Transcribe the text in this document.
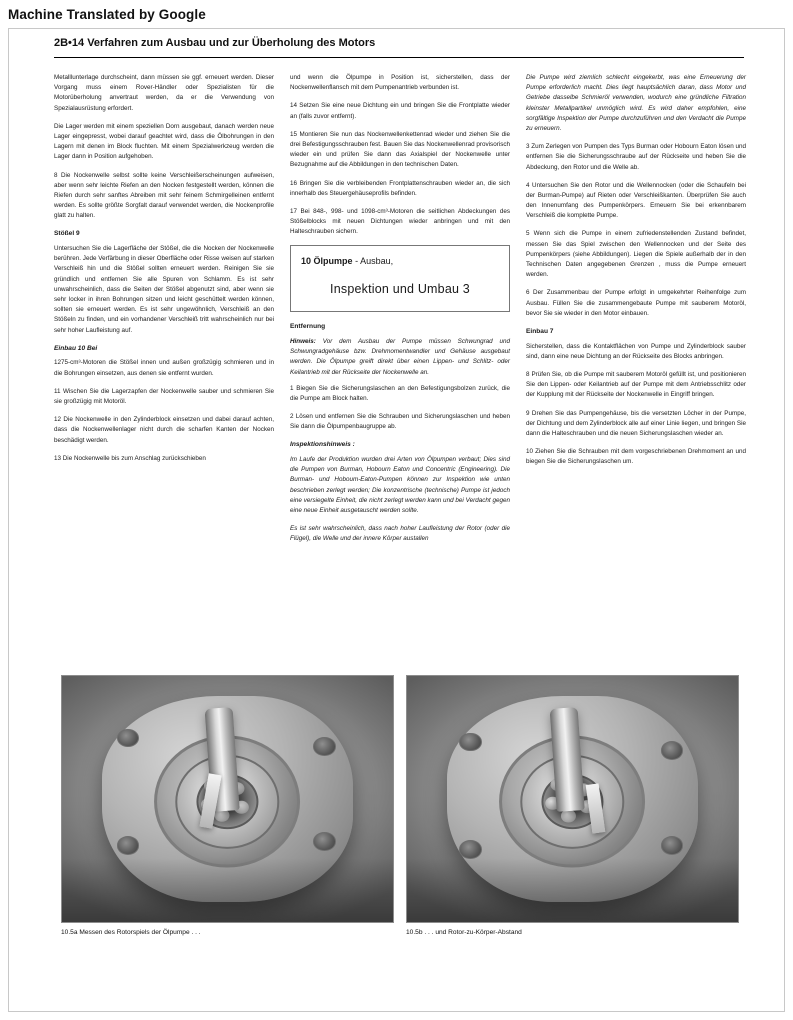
Machine Translated by Google
2B•14 Verfahren zum Ausbau und zur Überholung des Motors

Metalllunterlage durchscheint, dann müssen sie ggf. erneuert werden. Dieser Vorgang muss einem Rover-Händler oder Spezialisten für die Motorüberholung anvertraut werden, da er die Verwendung von Spezialausrüstung erfordert.

Die Lager werden mit einem speziellen Dorn ausgebaut, danach werden neue Lager eingepresst, wobei darauf geachtet wird, dass die Ölbohrungen in den Lagern mit denen im Block fluchten. Mit einem Spezialwerkzeug werden die Lager dann in Position aufgehoben.

8 Die Nockenwelle selbst sollte keine Verschleißerscheinungen aufweisen, aber wenn sehr leichte Riefen an den Nocken festgestellt werden, können die Riefen durch sehr sanftes Abreiben mit sehr feinem Schmirgelleinen entfernt werden. Es sollte größte Sorgfalt darauf verwendet werden, die Nockenprofile glatt zu halten.

Stößel 9

Untersuchen Sie die Lagerfläche der Stößel, die die Nocken der Nockenwelle berühren. Jede Verfärbung in dieser Oberfläche oder Risse weisen auf starken Verschleiß hin und die Stößel sollten erneuert werden. Reinigen Sie sie gründlich und entfernen Sie alle Spuren von Schlamm. Es ist sehr unwahrscheinlich, dass die Seiten der Stößel abgenutzt sind, aber wenn sie sehr locker in ihren Bohrungen sitzen und leicht geschüttelt werden können, sollten sie erneuert werden. Es ist sehr ungewöhnlich, Verschleiß an den Stößeln zu finden, und ein vorhandener Verschleiß tritt wahrscheinlich nur bei sehr hoher Laufleistung auf.

Einbau 10 Bei

1275-cm³-Motoren die Stößel innen und außen großzügig schmieren und in die Bohrungen einsetzen, aus denen sie entfernt wurden.

11 Wischen Sie die Lagerzapfen der Nockenwelle sauber und schmieren Sie sie großzügig mit Motoröl.

12 Die Nockenwelle in den Zylinderblock einsetzen und dabei darauf achten, dass die Nockenwellenlager nicht durch die scharfen Kanten der Nocken beschädigt werden.

13 Die Nockenwelle bis zum Anschlag zurückschieben

und wenn die Ölpumpe in Position ist, sicherstellen, dass der Nockenwellenflansch mit dem Pumpenantrieb verbunden ist.

14 Setzen Sie eine neue Dichtung ein und bringen Sie die Frontplatte wieder an (falls zuvor entfernt).

15 Montieren Sie nun das Nockenwellenkettenrad wieder und ziehen Sie die drei Befestigungsschrauben fest. Bauen Sie das Nockenwellenrad provisorisch wieder ein und prüfen Sie dann das Axialspiel der Nockenwelle unter Bezugnahme auf die Abbildungen in den technischen Daten.

16 Bringen Sie die verbleibenden Frontplattenschrauben wieder an, die sich innerhalb des Steuergehäuseprofils befinden.

17 Bei 848-, 998- und 1098-cm³-Motoren die seitlichen Abdeckungen des Stößelblocks mit neuen Dichtungen wieder anbringen und mit den Halteschrauben sichern.

10 Ölpumpe - Ausbau,
Inspektion und Umbau 3

Entfernung

Hinweis: Vor dem Ausbau der Pumpe müssen Schwungrad und Schwungradgehäuse bzw. Drehmomentwandler und Gehäuse ausgebaut werden. Die Ölpumpe greift direkt über einen Lippen- und Schlitz- oder Keilantrieb mit der Rückseite der Nockenwelle an.

1 Biegen Sie die Sicherungslaschen an den Befestigungsbolzen zurück, die die Pumpe am Block halten.

2 Lösen und entfernen Sie die Schrauben und Sicherungslaschen und heben Sie dann die Ölpumpenbaugruppe ab.

Inspektionshinweis :

Im Laufe der Produktion wurden drei Arten von Ölpumpen verbaut; Dies sind die Pumpen von Burman, Hobourn Eaton und Concentric (Engineering). Die Burman- und Hoboum-Eaton-Pumpen können zur Inspektion wie unten beschrieben zerlegt werden; Die konzentrische (technische) Pumpe ist jedoch eine versiegelte Einheit, die nicht zerlegt werden kann und bei Verdacht gegen eine neue Einheit ausgetauscht werden sollte.

Es ist sehr wahrscheinlich, dass nach hoher Laufleistung der Rotor (oder die Flügel), die Welle und der innere Körper austallen

Die Pumpe wird ziemlich schlecht eingekerbt, was eine Erneuerung der Pumpe erforderlich macht. Dies liegt hauptsächlich daran, dass Motor und Getriebe dasselbe Schmieröl verwenden, wodurch eine gründliche Filtration kleinster Metallpartikel unmöglich wird. Es wird daher empfohlen, eine sorgfältige Inspektion der Pumpe durchzuführen und den Verdacht die Pumpe zu erneuern.

3 Zum Zerlegen von Pumpen des Typs Burman oder Hobourn Eaton lösen und entfernen Sie die Sicherungsschraube auf der Rückseite und heben Sie die Abdeckung, den Rotor und die Welle ab.

4 Untersuchen Sie den Rotor und die Wellennocken (oder die Schaufeln bei der Burman-Pumpe) auf Rieten oder Verschleißkanten. Überprüfen Sie auch den Innenumfang des Pumpenkörpers. Erneuern Sie bei erkennbarem Verschleiß die komplette Pumpe.

5 Wenn sich die Pumpe in einem zufriedenstellenden Zustand befindet, messen Sie das Spiel zwischen den Wellennocken und der Seite des Pumpenkörpers (siehe Abbildungen). Liegen die Spiele außerhalb der in den Technischen Daten angegebenen Grenzen , muss die Pumpe erneuert werden.

6 Der Zusammenbau der Pumpe erfolgt in umgekehrter Reihenfolge zum Ausbau. Füllen Sie die zusammengebaute Pumpe mit sauberem Motoröl, bevor Sie sie wieder in den Motor einbauen.

Einbau 7

Sicherstellen, dass die Kontaktflächen von Pumpe und Zylinderblock sauber sind, dann eine neue Dichtung an der Rückseite des Blocks anbringen.

8 Prüfen Sie, ob die Pumpe mit sauberem Motoröl gefüllt ist, und positionieren Sie den Lippen- oder Keilantrieb auf der Pumpe mit dem Antriebsschlitz oder der Kupplung mit der Rückseite der Nockenwelle in Eingriff bringen.

9 Drehen Sie das Pumpengehäuse, bis die versetzten Löcher in der Pumpe, der Dichtung und dem Zylinderblock alle auf einer Linie liegen, und bringen Sie dann die Halteschrauben und die neuen Sicherungslaschen wieder an.

10 Ziehen Sie die Schrauben mit dem vorgeschriebenen Drehmoment an und biegen Sie die Sicherungslaschen um.

10.5a Messen des Rotorspiels der Ölpumpe . . .	10.5b . . . und Rotor-zu-Körper-Abstand
